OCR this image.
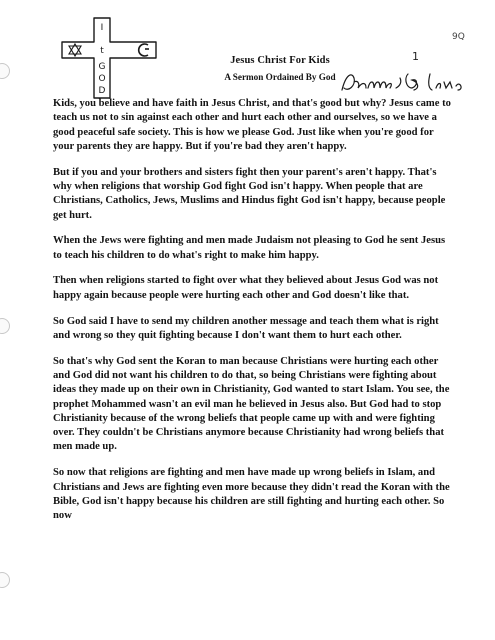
I
t
G
O
D
9Q
1
Jesus Christ For Kids
A Sermon Ordained By God

Kids, you believe and have faith in Jesus Christ, and that's good but why? Jesus came to teach us not to sin against each other and hurt each other and ourselves, so we have a good peaceful safe society. This is how we please God. Just like when you're good for your parents they are happy. But if you're bad they aren't happy.

But if you and your brothers and sisters fight then your parent's aren't happy. That's why when religions that worship God fight God isn't happy. When people that are Christians, Catholics, Jews, Muslims and Hindus fight God isn't happy, because people get hurt.

When the Jews were fighting and men made Judaism not pleasing to God he sent Jesus to teach his children to do what's right to make him happy.

Then when religions started to fight over what they believed about Jesus God was not happy again because people were hurting each other and God doesn't like that.

So God said I have to send my children another message and teach them what is right and wrong so they quit fighting because I don't want them to hurt each other.

So that's why God sent the Koran to man because Christians were hurting each other and God did not want his children to do that, so being Christians were fighting about ideas they made up on their own in Christianity, God wanted to start Islam. You see, the prophet Mohammed wasn't an evil man he believed in Jesus also. But God had to stop Christianity because of the wrong beliefs that people came up with and were fighting over. They couldn't be Christians anymore because Christianity had wrong beliefs that men made up.

So now that religions are fighting and men have made up wrong beliefs in Islam, and Christians and Jews are fighting even more because they didn't read the Koran with the Bible, God isn't happy because his children are still fighting and hurting each other. So now
